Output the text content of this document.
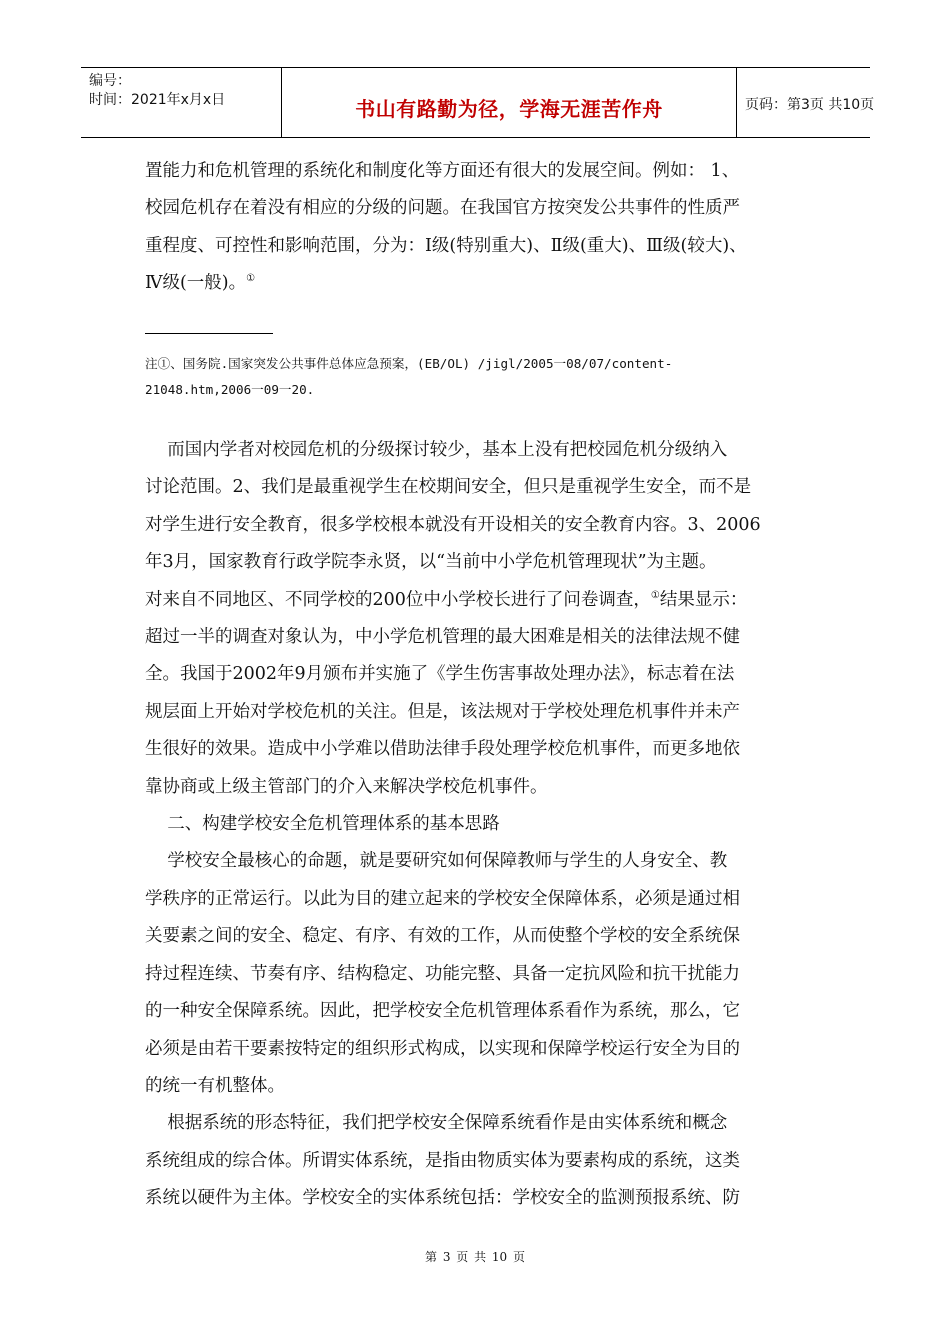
编号：
时间：2021年x月x日	书山有路勤为径，学海无涯苦作舟	页码：第3页 共10页
置能力和危机管理的系统化和制度化等方面还有很大的发展空间。例如： 1、
校园危机存在着没有相应的分级的问题。在我国官方按突发公共事件的性质严
重程度、可控性和影响范围，分为：Ⅰ级(特别重大)、Ⅱ级(重大)、Ⅲ级(较大)、
Ⅳ级(一般)。①
注①、国务院.国家突发公共事件总体应急预案，(EB/OL) /jigl/2005一08/07/content-
21048.htm,2006一09一20.
而国内学者对校园危机的分级探讨较少，基本上没有把校园危机分级纳入
讨论范围。2、我们是最重视学生在校期间安全，但只是重视学生安全，而不是
对学生进行安全教育，很多学校根本就没有开设相关的安全教育内容。3、2006
年3月，国家教育行政学院李永贤，以“当前中小学危机管理现状”为主题。
对来自不同地区、不同学校的200位中小学校长进行了问卷调查，①结果显示：
超过一半的调查对象认为，中小学危机管理的最大困难是相关的法律法规不健
全。我国于2002年9月颁布并实施了《学生伤害事故处理办法》，标志着在法
规层面上开始对学校危机的关注。但是，该法规对于学校处理危机事件并未产
生很好的效果。造成中小学难以借助法律手段处理学校危机事件，而更多地依
靠协商或上级主管部门的介入来解决学校危机事件。
二、构建学校安全危机管理体系的基本思路
学校安全最核心的命题，就是要研究如何保障教师与学生的人身安全、教
学秩序的正常运行。以此为目的建立起来的学校安全保障体系，必须是通过相
关要素之间的安全、稳定、有序、有效的工作，从而使整个学校的安全系统保
持过程连续、节奏有序、结构稳定、功能完整、具备一定抗风险和抗干扰能力
的一种安全保障系统。因此，把学校安全危机管理体系看作为系统，那么，它
必须是由若干要素按特定的组织形式构成，以实现和保障学校运行安全为目的
的统一有机整体。
根据系统的形态特征，我们把学校安全保障系统看作是由实体系统和概念
系统组成的综合体。所谓实体系统，是指由物质实体为要素构成的系统，这类
系统以硬件为主体。学校安全的实体系统包括：学校安全的监测预报系统、防
第 3 页 共 10 页
